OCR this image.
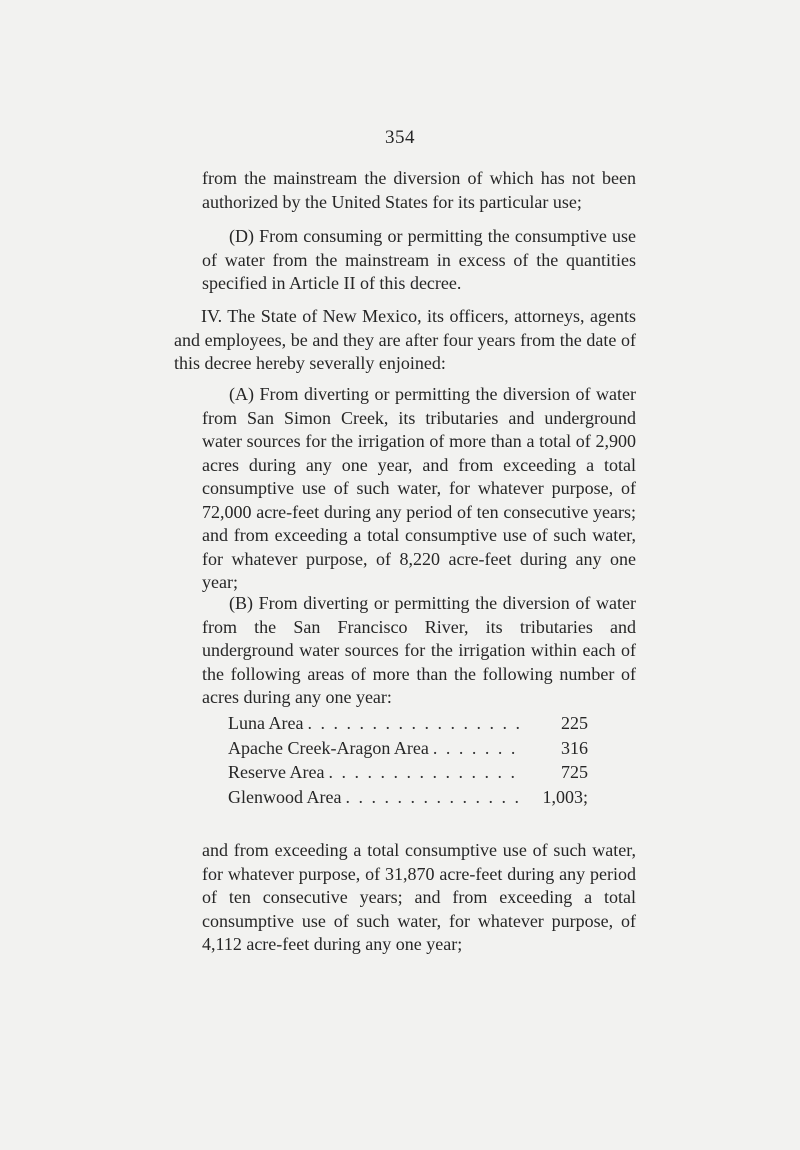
354

from the mainstream the diversion of which has not been authorized by the United States for its particular use;

(D) From consuming or permitting the consumptive use of water from the mainstream in excess of the quantities specified in Article II of this decree.

IV. The State of New Mexico, its officers, attorneys, agents and employees, be and they are after four years from the date of this decree hereby severally enjoined:

(A) From diverting or permitting the diversion of water from San Simon Creek, its tributaries and underground water sources for the irrigation of more than a total of 2,900 acres during any one year, and from exceeding a total consumptive use of such water, for whatever purpose, of 72,000 acre-feet during any period of ten consecutive years; and from exceeding a total consumptive use of such water, for whatever purpose, of 8,220 acre-feet during any one year;

(B) From diverting or permitting the diversion of water from the San Francisco River, its tributaries and underground water sources for the irrigation within each of the following areas of more than the following number of acres during any one year:

Luna Area . . .	225
Apache Creek-Aragon Area . . .	316
Reserve Area . . .	725
Glenwood Area . . .	1,003;

and from exceeding a total consumptive use of such water, for whatever purpose, of 31,870 acre-feet during any period of ten consecutive years; and from exceeding a total consumptive use of such water, for whatever purpose, of 4,112 acre-feet during any one year;
